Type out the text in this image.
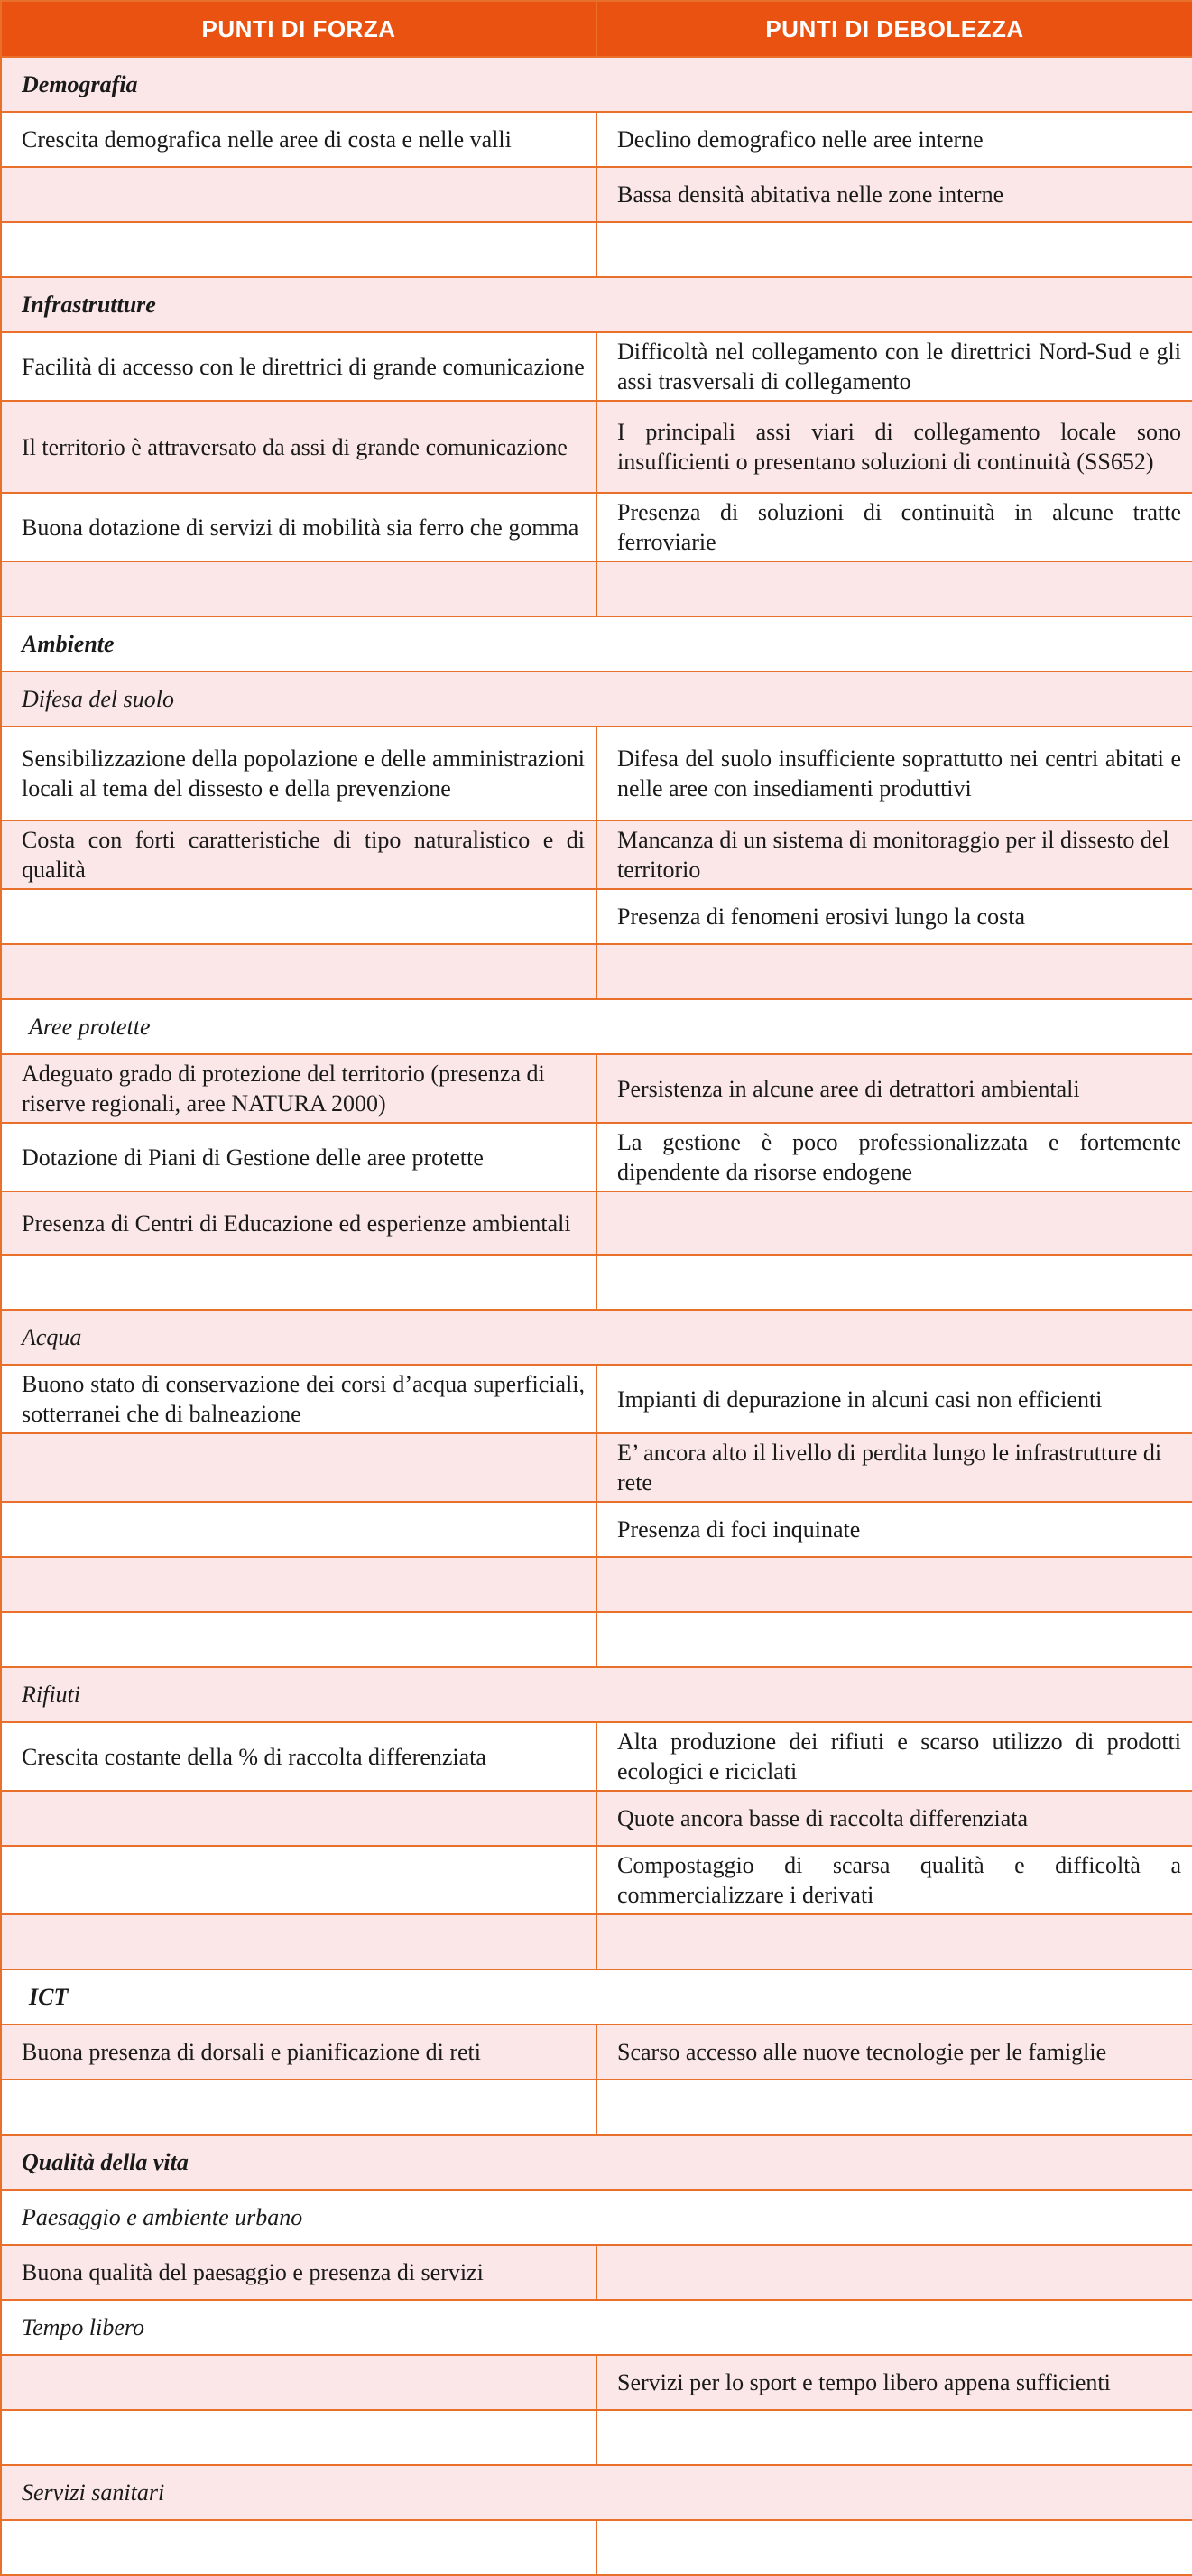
PUNTI DI FORZA	PUNTI DI DEBOLEZZA
Demografia	
Crescita demografica nelle aree di costa e nelle valli	Declino demografico nelle aree interne
	Bassa densità abitativa nelle zone interne

Infrastrutture	
Facilità di accesso con le direttrici di grande comunicazione	Difficoltà nel collegamento con le direttrici Nord-Sud e gli assi trasversali di collegamento
Il territorio è attraversato da assi di grande comunicazione	I principali assi viari di collegamento locale sono insufficienti o presentano soluzioni di continuità (SS652)
Buona dotazione di servizi di mobilità sia ferro che gomma	Presenza di soluzioni di continuità in alcune tratte ferroviarie

Ambiente	
Difesa del suolo	
Sensibilizzazione della popolazione e delle amministrazioni locali al tema del dissesto e della prevenzione	Difesa del suolo insufficiente soprattutto nei centri abitati e nelle aree con insediamenti produttivi
Costa con forti caratteristiche di tipo naturalistico e di qualità	Mancanza di un sistema di monitoraggio per il dissesto del territorio
	Presenza di fenomeni erosivi lungo la costa

Aree protette	
Adeguato grado di protezione del territorio (presenza di riserve regionali, aree NATURA 2000)	Persistenza in alcune aree di detrattori ambientali
Dotazione di Piani di Gestione delle aree protette	La gestione è poco professionalizzata e fortemente dipendente da risorse endogene
Presenza di Centri di Educazione ed esperienze ambientali	

Acqua	
Buono stato di conservazione dei corsi d’acqua superficiali, sotterranei che di balneazione	Impianti di depurazione in alcuni casi non efficienti
	E’ ancora alto il livello di perdita lungo le infrastrutture di rete
	Presenza di foci inquinate

Rifiuti	
Crescita costante della % di raccolta differenziata	Alta produzione dei rifiuti e scarso utilizzo di prodotti ecologici e riciclati
	Quote ancora basse di raccolta differenziata
	Compostaggio di scarsa qualità e difficoltà a commercializzare i derivati

ICT	
Buona presenza di dorsali e pianificazione di reti	Scarso accesso alle nuove tecnologie per le famiglie

Qualità della vita	
Paesaggio e ambiente urbano	
Buona qualità del paesaggio e presenza di servizi	
Tempo libero	
	Servizi per lo sport e tempo libero appena sufficienti

Servizi sanitari	
